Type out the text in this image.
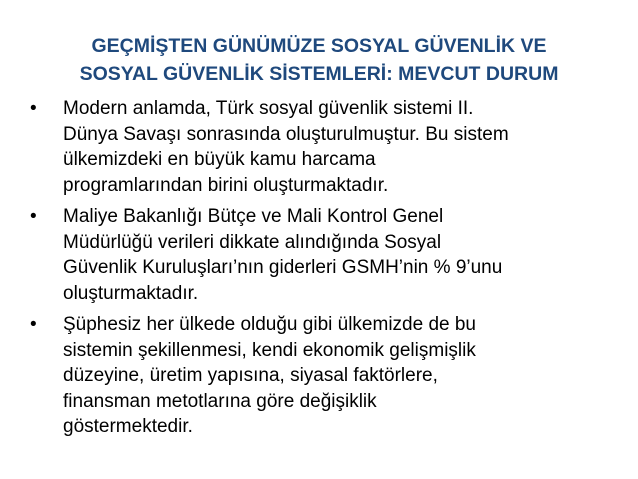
GEÇMİŞTEN GÜNÜMÜZE SOSYAL GÜVENLİK VE
SOSYAL GÜVENLİK SİSTEMLERİ: MEVCUT DURUM
•	Modern anlamda, Türk sosyal güvenlik sistemi II.
Dünya Savaşı sonrasında oluşturulmuştur. Bu sistem
ülkemizdeki en büyük kamu harcama
programlarından birini oluşturmaktadır.
•	Maliye Bakanlığı Bütçe ve Mali Kontrol Genel
Müdürlüğü verileri dikkate alındığında Sosyal
Güvenlik Kuruluşları’nın giderleri GSMH’nin % 9’unu
oluşturmaktadır.
•	Şüphesiz her ülkede olduğu gibi ülkemizde de bu
sistemin şekillenmesi, kendi ekonomik gelişmişlik
düzeyine, üretim yapısına, siyasal faktörlere,
finansman metotlarına göre değişiklik
göstermektedir.
